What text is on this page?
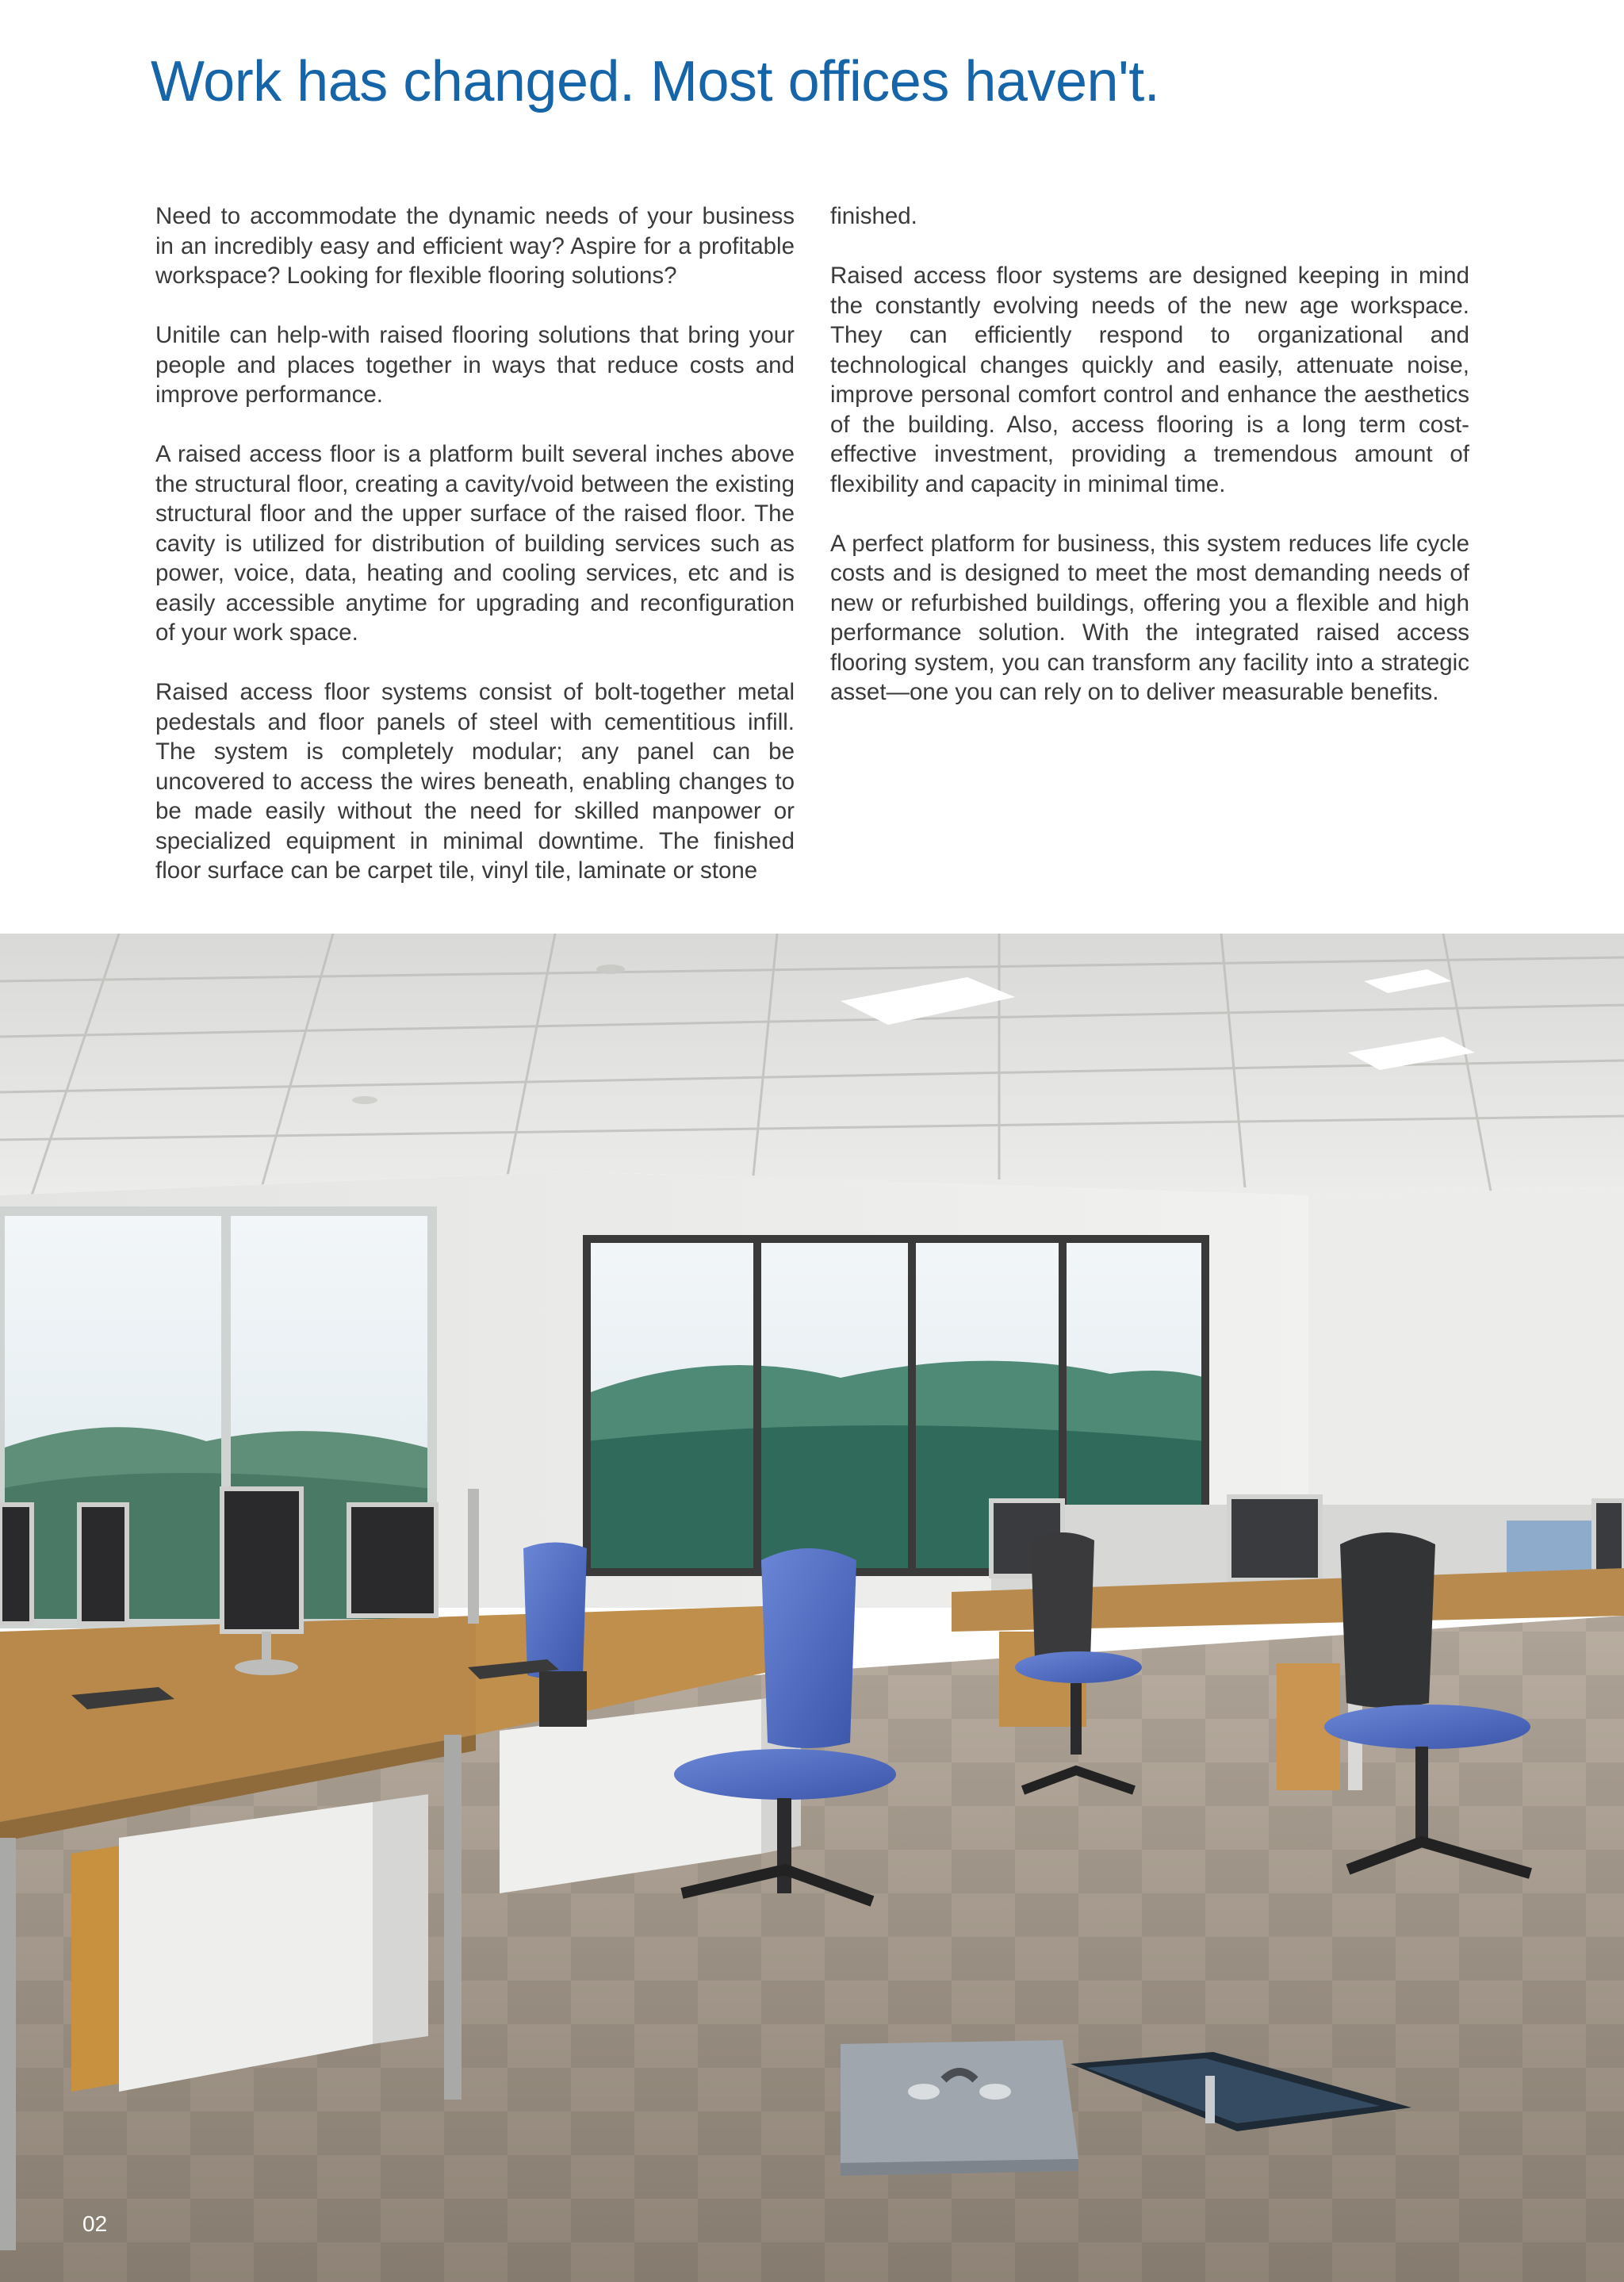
Work has changed. Most offices haven't.

Need to accommodate the dynamic needs of your business in an incredibly easy and efficient way? Aspire for a profitable workspace? Looking for flexible flooring solutions?

Unitile can help-with raised flooring solutions that bring your people and places together in ways that reduce costs and improve performance.

A raised access floor is a platform built several inches above the structural floor, creating a cavity/void between the existing structural floor and the upper surface of the raised floor. The cavity is utilized for distribution of building services such as power, voice, data, heating and cooling services, etc and is easily accessible anytime for upgrading and reconfiguration of your work space.

Raised access floor systems consist of bolt-together metal pedestals and floor panels of steel with cementitious infill. The system is completely modular; any panel can be uncovered to access the wires beneath, enabling changes to be made easily without the need for skilled manpower or specialized equipment in minimal downtime. The finished floor surface can be carpet tile, vinyl tile, laminate or stone

finished.

Raised access floor systems are designed keeping in mind the constantly evolving needs of the new age workspace. They can efficiently respond to organizational and technological changes quickly and easily, attenuate noise, improve personal comfort control and enhance the aesthetics of the building. Also, access flooring is a long term cost-effective investment, providing a tremendous amount of flexibility and capacity in minimal time.

A perfect platform for business, this system reduces life cycle costs and is designed to meet the most demanding needs of new or refurbished buildings, offering you a flexible and high performance solution. With the integrated raised access flooring system, you can transform any facility into a strategic asset—one you can rely on to deliver measurable benefits.

02
